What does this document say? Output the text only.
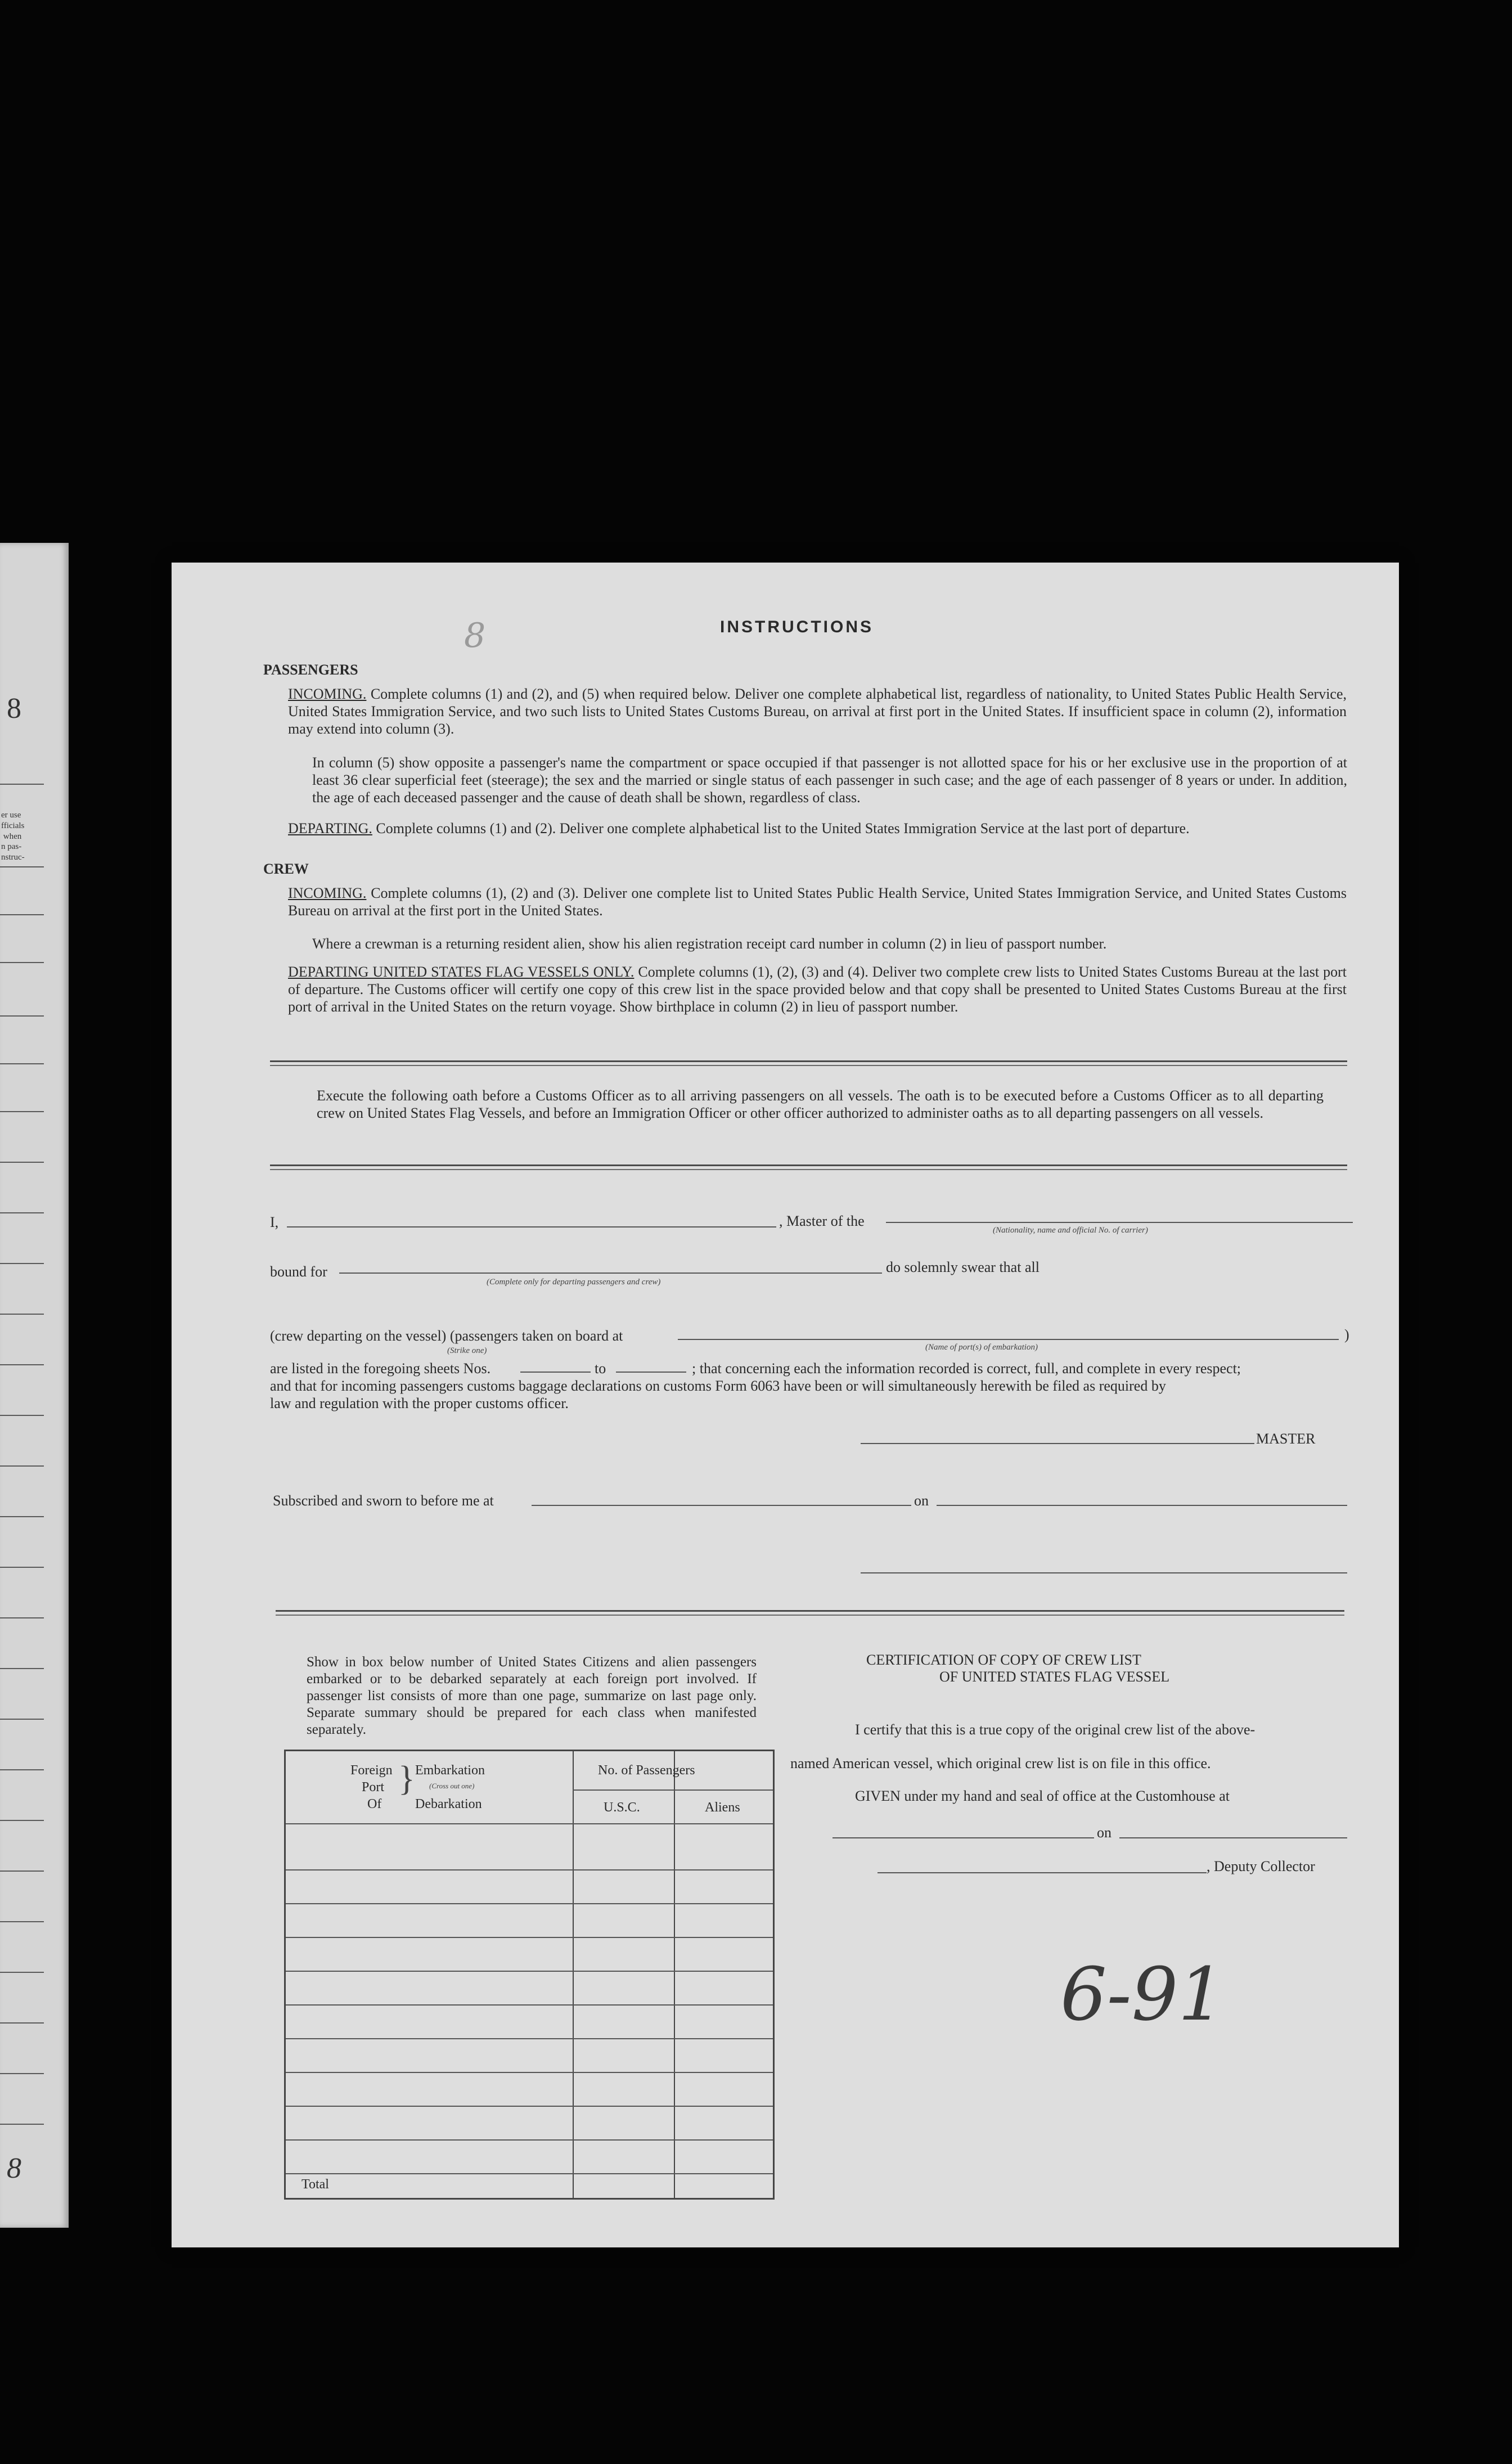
8
er use
fficials
when
n pas-
nstruc-
8
8	INSTRUCTIONS
PASSENGERS
INCOMING. Complete columns (1) and (2), and (5) when required below. Deliver one complete alphabetical list, regardless of nationality, to United States Public Health Service, United States Immigration Service, and two such lists to United States Customs Bureau, on arrival at first port in the United States. If insufficient space in column (2), information may extend into column (3).
In column (5) show opposite a passenger's name the compartment or space occupied if that passenger is not allotted space for his or her exclusive use in the proportion of at least 36 clear superficial feet (steerage); the sex and the married or single status of each passenger in such case; and the age of each passenger of 8 years or under. In addition, the age of each deceased passenger and the cause of death shall be shown, regardless of class.
DEPARTING. Complete columns (1) and (2). Deliver one complete alphabetical list to the United States Immigration Service at the last port of departure.
CREW
INCOMING. Complete columns (1), (2) and (3). Deliver one complete list to United States Public Health Service, United States Immigration Service, and United States Customs Bureau on arrival at the first port in the United States.
Where a crewman is a returning resident alien, show his alien registration receipt card number in column (2) in lieu of passport number.
DEPARTING UNITED STATES FLAG VESSELS ONLY. Complete columns (1), (2), (3) and (4). Deliver two complete crew lists to United States Customs Bureau at the last port of departure. The Customs officer will certify one copy of this crew list in the space provided below and that copy shall be presented to United States Customs Bureau at the first port of arrival in the United States on the return voyage. Show birthplace in column (2) in lieu of passport number.
Execute the following oath before a Customs Officer as to all arriving passengers on all vessels. The oath is to be executed before a Customs Officer as to all departing crew on United States Flag Vessels, and before an Immigration Officer or other officer authorized to administer oaths as to all departing passengers on all vessels.
I,	, Master of the
(Nationality, name and official No. of carrier)
bound for
(Complete only for departing passengers and crew)
do solemnly swear that all
(crew departing on the vessel) (passengers taken on board at
(Strike one)	(Name of port(s) of embarkation)
)
are listed in the foregoing sheets Nos.	to	; that concerning each the information recorded is correct, full, and complete in every respect;
and that for incoming passengers customs baggage declarations on customs Form 6063 have been or will simultaneously herewith be filed as required by
law and regulation with the proper customs officer.
MASTER
Subscribed and sworn to before me at	on
Show in box below number of United States Citizens and alien passengers embarked or to be debarked separately at each foreign port involved. If passenger list consists of more than one page, summarize on last page only. Separate summary should be prepared for each class when manifested separately.
Foreign
Port
Of
} Embarkation
(Cross out one)
Debarkation
No. of Passengers
U.S.C.	Aliens
Total
CERTIFICATION OF COPY OF CREW LIST
OF UNITED STATES FLAG VESSEL
I certify that this is a true copy of the original crew list of the above-
named American vessel, which original crew list is on file in this office.
GIVEN under my hand and seal of office at the Customhouse at
on
, Deputy Collector
6-91
